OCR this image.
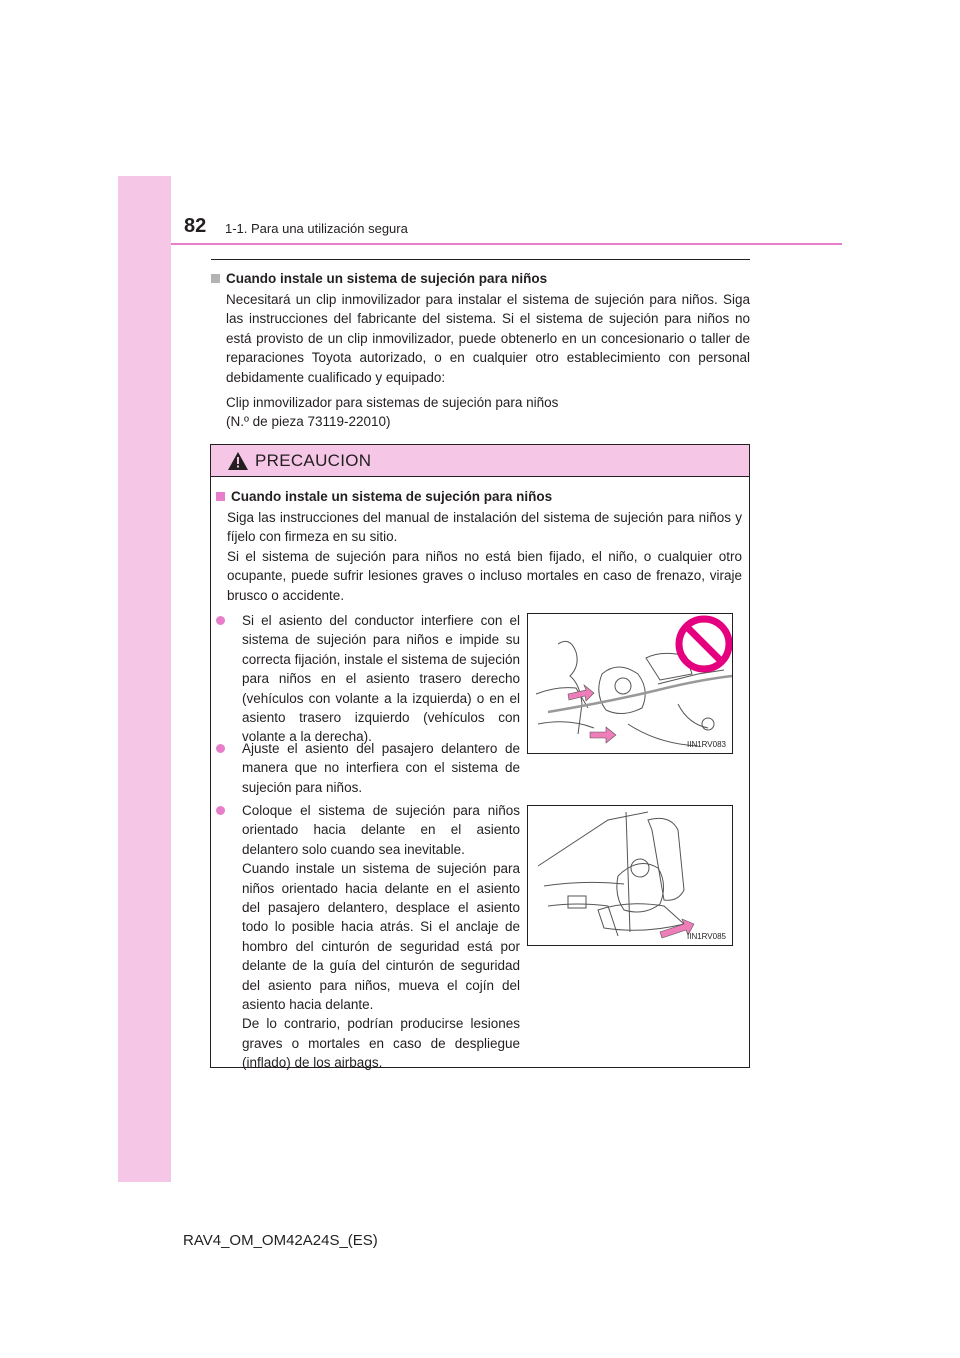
82 1-1. Para una utilización segura
Cuando instale un sistema de sujeción para niños

Necesitará un clip inmovilizador para instalar el sistema de sujeción para niños. Siga las instrucciones del fabricante del sistema. Si el sistema de sujeción para niños no está provisto de un clip inmovilizador, puede obtenerlo en un concesionario o taller de reparaciones Toyota autorizado, o en cualquier otro establecimiento con personal debidamente cualificado y equipado:

Clip inmovilizador para sistemas de sujeción para niños
(N.º de pieza 73119-22010)
PRECAUCION
Cuando instale un sistema de sujeción para niños

Siga las instrucciones del manual de instalación del sistema de sujeción para niños y fíjelo con firmeza en su sitio.

Si el sistema de sujeción para niños no está bien fijado, el niño, o cualquier otro ocupante, puede sufrir lesiones graves o incluso mortales en caso de frenazo, viraje brusco o accidente.

Si el asiento del conductor interfiere con el sistema de sujeción para niños e impide su correcta fijación, instale el sistema de sujeción para niños en el asiento trasero derecho (vehículos con volante a la izquierda) o en el asiento trasero izquierdo (vehículos con volante a la derecha).
Ajuste el asiento del pasajero delantero de manera que no interfiera con el sistema de sujeción para niños.
Coloque el sistema de sujeción para niños orientado hacia delante en el asiento delantero solo cuando sea inevitable.
Cuando instale un sistema de sujeción para niños orientado hacia delante en el asiento del pasajero delantero, desplace el asiento todo lo posible hacia atrás. Si el anclaje de hombro del cinturón de seguridad está por delante de la guía del cinturón de seguridad del asiento para niños, mueva el cojín del asiento hacia delante.
De lo contrario, podrían producirse lesiones graves o mortales en caso de despliegue (inflado) de los airbags.
IIN1RV083
IIN1RV085
RAV4_OM_OM42A24S_(ES)
